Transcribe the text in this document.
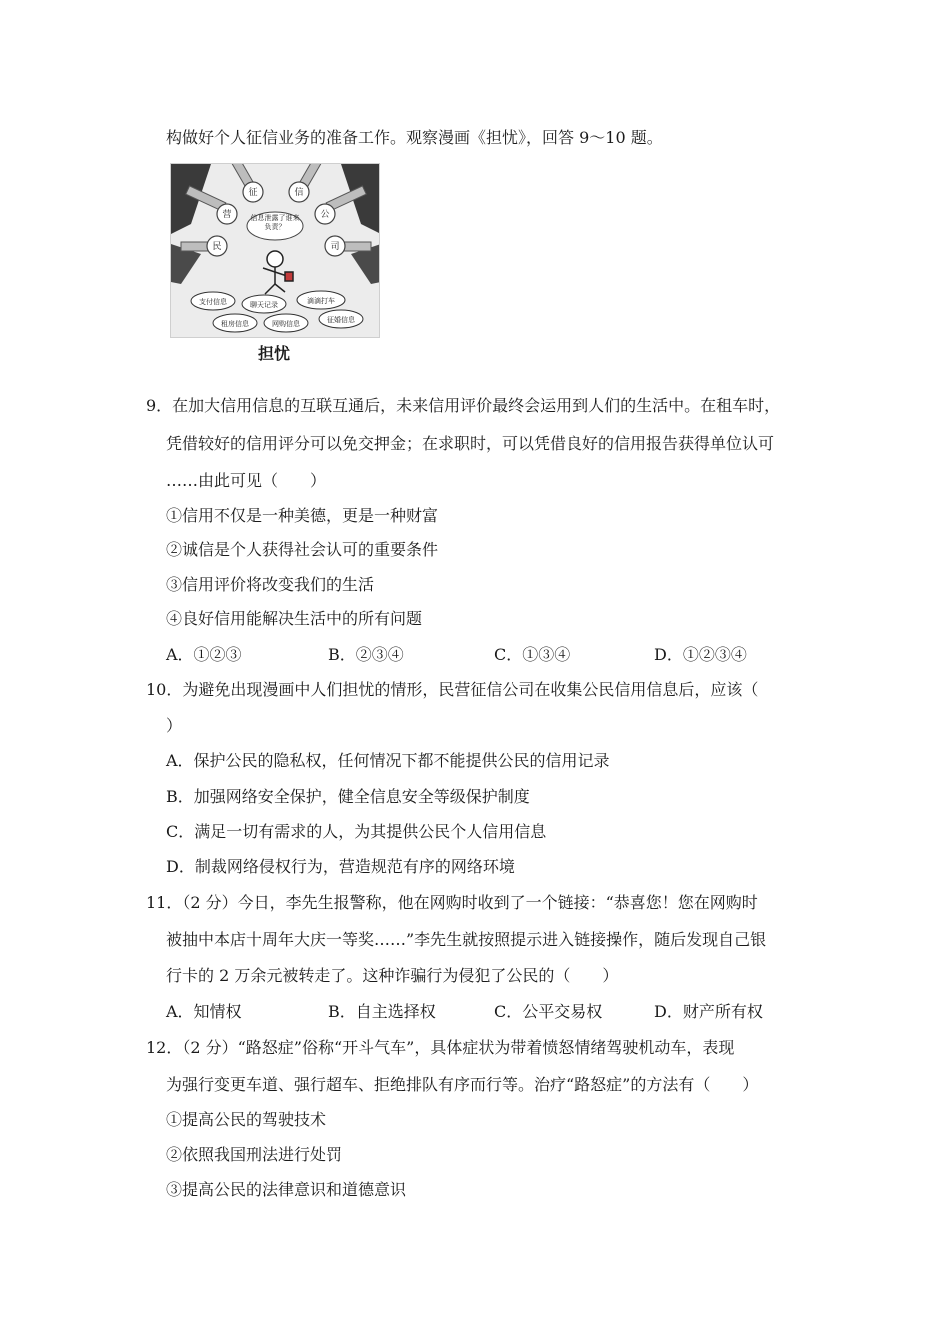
构做好个人征信业务的准备工作。观察漫画《担忧》，回答 9～10 题。
营
征	信
公
民	司
信息泄露了谁来负责？
支付信息	聊天记录	滴滴打车
租房信息	网购信息	征婚信息
担忧
9．在加大信用信息的互联互通后，未来信用评价最终会运用到人们的生活中。在租车时，
凭借较好的信用评分可以免交押金；在求职时，可以凭借良好的信用报告获得单位认可
……由此可见（　　）
①信用不仅是一种美德，更是一种财富
②诚信是个人获得社会认可的重要条件
③信用评价将改变我们的生活
④良好信用能解决生活中的所有问题
A．①②③	B．②③④	C．①③④	D．①②③④
10．为避免出现漫画中人们担忧的情形，民营征信公司在收集公民信用信息后，应该（
）
A．保护公民的隐私权，任何情况下都不能提供公民的信用记录
B．加强网络安全保护，健全信息安全等级保护制度
C．满足一切有需求的人，为其提供公民个人信用信息
D．制裁网络侵权行为，营造规范有序的网络环境
11．（2 分）今日，李先生报警称，他在网购时收到了一个链接：“恭喜您！您在网购时
被抽中本店十周年大庆一等奖……”李先生就按照提示进入链接操作，随后发现自己银
行卡的 2 万余元被转走了。这种诈骗行为侵犯了公民的（　　）
A．知情权	B．自主选择权	C．公平交易权	D．财产所有权
12．（2 分）“路怒症”俗称“开斗气车”，具体症状为带着愤怒情绪驾驶机动车，表现
为强行变更车道、强行超车、拒绝排队有序而行等。治疗“路怒症”的方法有（　　）
①提高公民的驾驶技术
②依照我国刑法进行处罚
③提高公民的法律意识和道德意识
